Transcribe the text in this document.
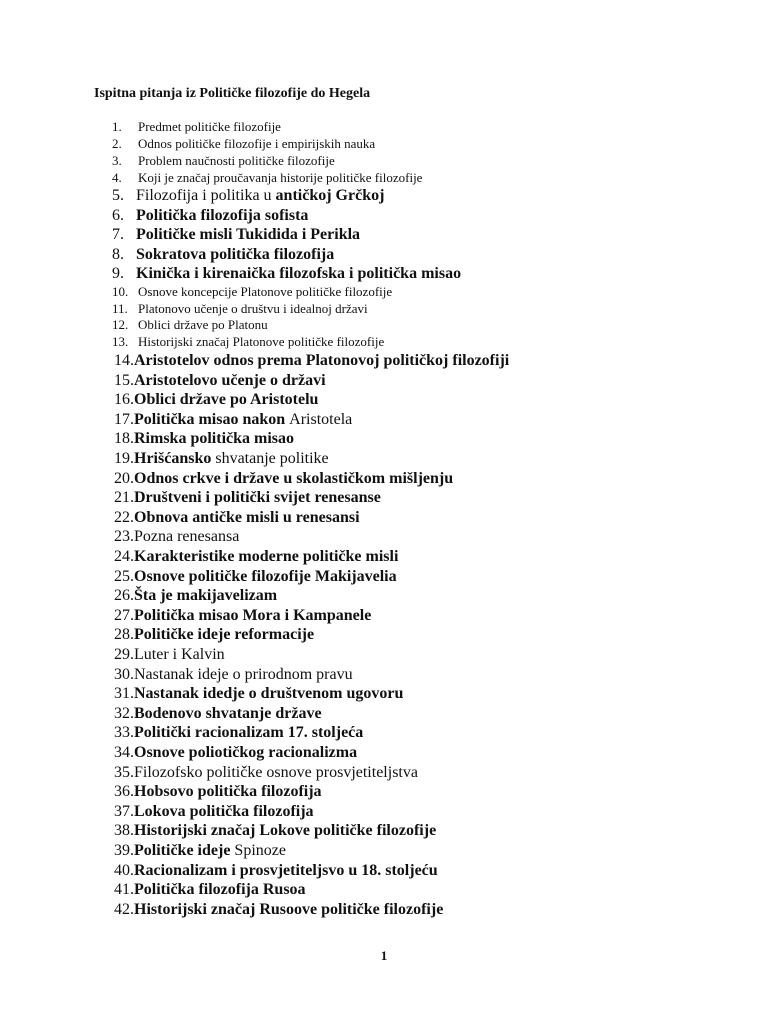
Ispitna pitanja iz Političke filozofije do Hegela
1. Predmet političke filozofije
2. Odnos političke filozofije i empirijskih nauka
3. Problem naučnosti političke filozofije
4. Koji je značaj proučavanja historije političke filozofije
5. Filozofija i politika u antičkoj Grčkoj
6. Politička filozofija sofista
7. Političke misli Tukidida i Perikla
8. Sokratova politička filozofija
9. Kinička i kirenaička filozofska i politička misao
10. Osnove koncepcije Platonove političke filozofije
11. Platonovo učenje o društvu i idealnoj državi
12. Oblici države po Platonu
13. Historijski značaj Platonove političke filozofije
14.Aristotelov odnos prema Platonovoj političkoj filozofiji
15.Aristotelovo učenje o državi
16.Oblici države po Aristotelu
17.Politička misao nakon Aristotela
18.Rimska politička misao
19.Hrišćansko shvatanje politike
20.Odnos crkve i države u skolastičkom mišljenju
21.Društveni i politički svijet renesanse
22.Obnova antičke misli u renesansi
23.Pozna renesansa
24.Karakteristike moderne političke misli
25.Osnove političke filozofije Makijavelia
26.Šta je makijavelizam
27.Politička misao Mora i Kampanele
28.Političke ideje reformacije
29.Luter i Kalvin
30.Nastanak ideje o prirodnom pravu
31.Nastanak idedje o društvenom ugovoru
32.Bodenovo shvatanje države
33.Politički racionalizam 17. stoljeća
34.Osnove poliotičkog racionalizma
35.Filozofsko političke osnove prosvjetiteljstva
36.Hobsovo politička filozofija
37.Lokova politička filozofija
38.Historijski značaj Lokove političke filozofije
39.Političke ideje Spinoze
40.Racionalizam i prosvjetiteljsvo u 18. stoljeću
41.Politička filozofija Rusoa
42.Historijski značaj Rusoove političke filozofije
1
